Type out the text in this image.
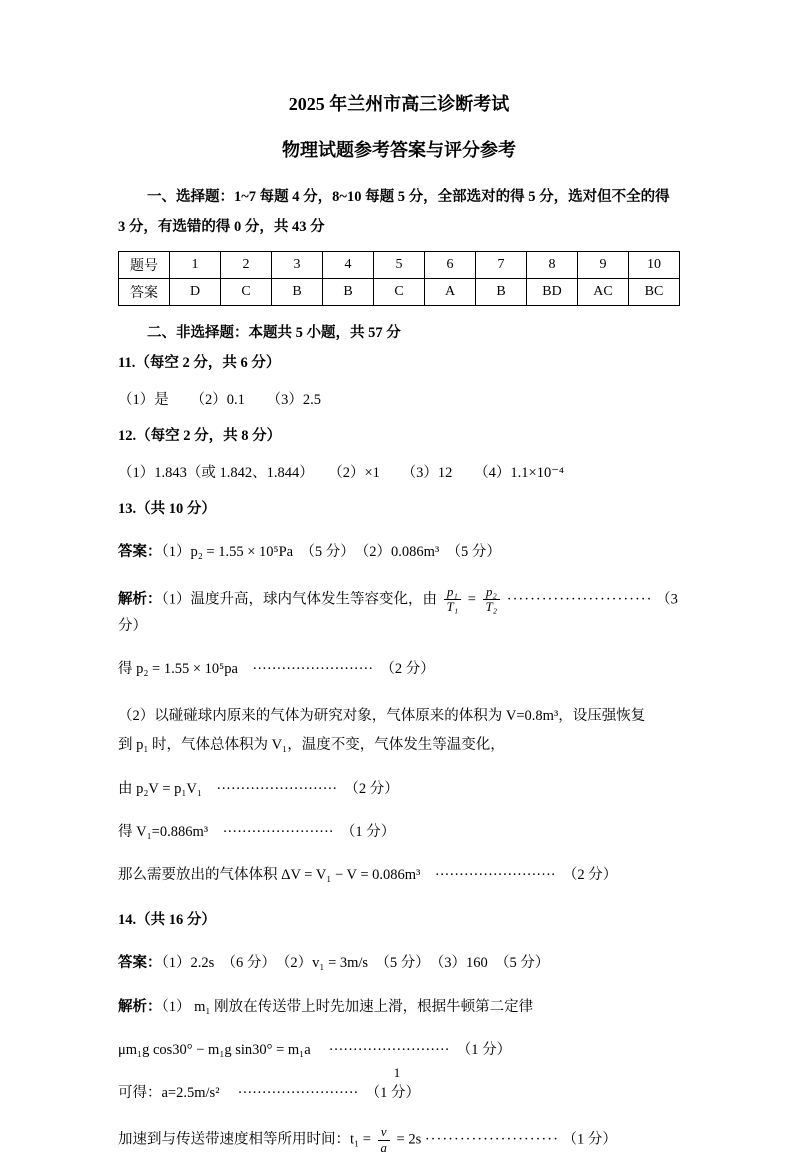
2025 年兰州市高三诊断考试
物理试题参考答案与评分参考

一、选择题：1~7 每题 4 分，8~10 每题 5 分，全部选对的得 5 分，选对但不全的得 3 分，有选错的得 0 分，共 43 分

题号	1	2	3	4	5	6	7	8	9	10
答案	D	C	B	B	C	A	B	BD	AC	BC

二、非选择题：本题共 5 小题，共 57 分

11.（每空 2 分，共 6 分）

（1）是　　（2）0.1　　（3）2.5

12.（每空 2 分，共 8 分）

（1）1.843（或 1.842、1.844）　　（2）×1　　（3）12　　（4）1.1×10⁻⁴

13.（共 10 分）

答案：（1）p₂ = 1.55 × 10⁵Pa　（5 分）　（2）0.086m³　（5 分）

解析：（1）温度升高，球内气体发生等容变化，由 $\frac{\text{p₁}}{\text{T₁}} = \frac{\text{p₂}}{\text{T₂}}$ ························· （3 分）

得 p₂ = 1.55 × 10⁵pa　·························　（2 分）

（2）以碰碰球内原来的气体为研究对象，气体原来的体积为 V=0.8m³，设压强恢复

到 p₁ 时，气体总体积为 V₁，温度不变，气体发生等温变化，

由 p₂V = p₁V₁　·························　（2 分）

得 V₁=0.886m³　·······················　（1 分）

那么需要放出的气体体积 ΔV = V₁ − V = 0.086m³　·························　（2 分）

14.（共 16 分）

答案：（1）2.2s　（6 分）　（2）v₁ = 3m/s　（5 分）　（3）160　（5 分）

解析：（1） m₁ 刚放在传送带上时先加速上滑，根据牛顿第二定律

μm₁g cos30° − m₁g sin30° = m₁a　 ·························　（1 分）

可得：a=2.5m/s²　 ·························　（1 分）

加速到与传送带速度相等所用时间：$t_1 = \frac{v}{a} = 2s$ ······················· （1 分）

1
